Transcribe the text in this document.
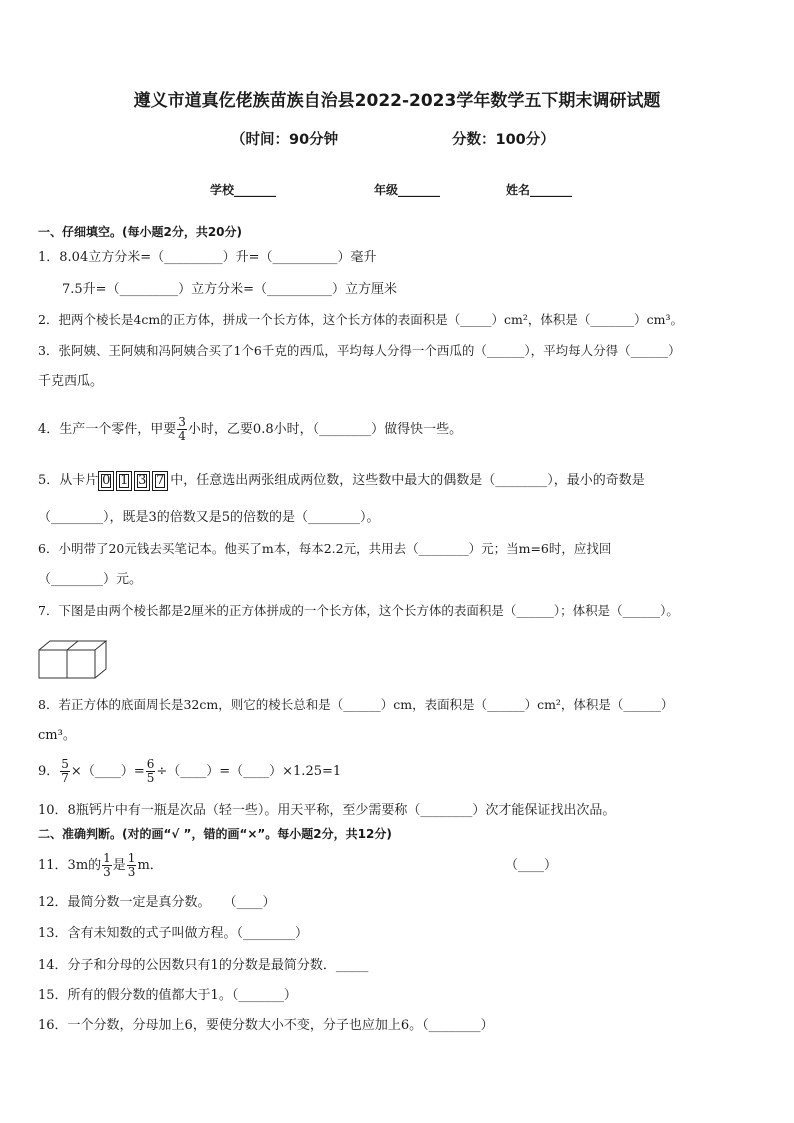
遵义市道真仡佬族苗族自治县2022-2023学年数学五下期末调研试题
（时间：90分钟	分数：100分）
学校_______	年级_______	姓名_______
一、仔细填空。(每小题2分，共20分)
1．8.04立方分米=（_________）升=（__________）毫升
7.5升=（_________）立方分米=（__________）立方厘米
2．把两个棱长是4cm的正方体，拼成一个长方体，这个长方体的表面积是（_____）cm²，体积是（_______）cm³。
3．张阿姨、王阿姨和冯阿姨合买了1个6千克的西瓜，平均每人分得一个西瓜的（______），平均每人分得（______）
千克西瓜。
4．生产一个零件，甲要 $\frac{3}{4}$ 小时，乙要0.8小时，（________）做得快一些。
5．从卡片 0 1 3 7 中，任意选出两张组成两位数，这些数中最大的偶数是（________），最小的奇数是
（________），既是3的倍数又是5的倍数的是（________）。
6．小明带了20元钱去买笔记本。他买了m本，每本2.2元，共用去（________）元；当m=6时，应找回
（________）元。
7．下图是由两个棱长都是2厘米的正方体拼成的一个长方体，这个长方体的表面积是（______）；体积是（______）。
8．若正方体的底面周长是32cm，则它的棱长总和是（______）cm，表面积是（______）cm²，体积是（______）
cm³。
9． $\frac{5}{7}$ ×（____）= $\frac{6}{5}$ ÷（____）=（____）×1.25=1
10．8瓶钙片中有一瓶是次品（轻一些）。用天平称，至少需要称（________）次才能保证找出次品。
二、准确判断。(对的画“√ ”，错的画“×”。每小题2分，共12分)
11．3m的 $\frac{1}{3}$ 是 $\frac{1}{3}$ m．	（____）
12．最简分数一定是真分数。　　（____）
13．含有未知数的式子叫做方程。（________）
14．分子和分母的公因数只有1的分数是最简分数．_____
15．所有的假分数的值都大于1。（_______）
16．一个分数，分母加上6，要使分数大小不变，分子也应加上6。（________）
